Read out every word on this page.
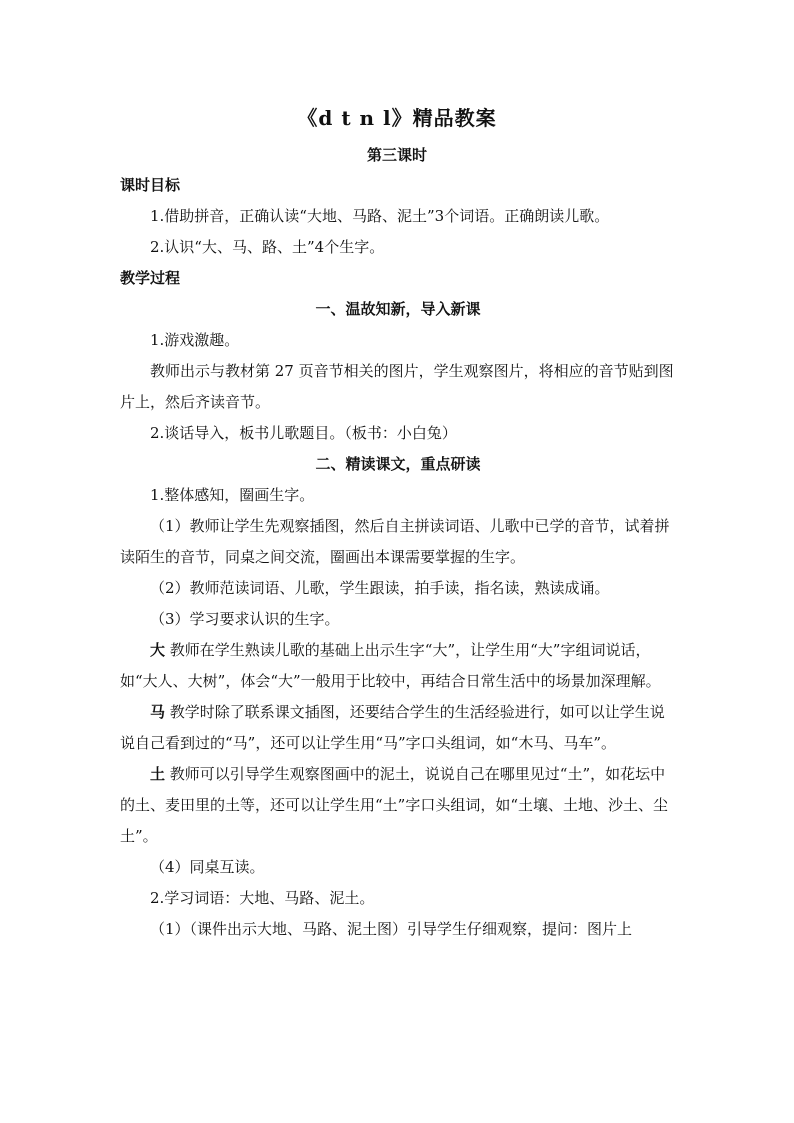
《d t n l》精品教案
第三课时

课时目标

1.借助拼音，正确认读“大地、马路、泥土”3个词语。正确朗读儿歌。

2.认识“大、马、路、土”4个生字。

教学过程

一、温故知新，导入新课

1.游戏激趣。

教师出示与教材第 27 页音节相关的图片，学生观察图片，将相应的音节贴到图片上，然后齐读音节。

2.谈话导入，板书儿歌题目。（板书：小白兔）

二、精读课文，重点研读

1.整体感知，圈画生字。

（1）教师让学生先观察插图，然后自主拼读词语、儿歌中已学的音节，试着拼读陌生的音节，同桌之间交流，圈画出本课需要掌握的生字。

（2）教师范读词语、儿歌，学生跟读，拍手读，指名读，熟读成诵。

（3）学习要求认识的生字。

大 教师在学生熟读儿歌的基础上出示生字“大”，让学生用“大”字组词说话，如“大人、大树”，体会“大”一般用于比较中，再结合日常生活中的场景加深理解。

马 教学时除了联系课文插图，还要结合学生的生活经验进行，如可以让学生说说自己看到过的“马”，还可以让学生用“马”字口头组词，如“木马、马车”。

土 教师可以引导学生观察图画中的泥土，说说自己在哪里见过“土”，如花坛中的土、麦田里的土等，还可以让学生用“土”字口头组词，如“土壤、土地、沙土、尘土”。

（4）同桌互读。

2.学习词语：大地、马路、泥土。

（1）（课件出示大地、马路、泥土图）引导学生仔细观察，提问：图片上
